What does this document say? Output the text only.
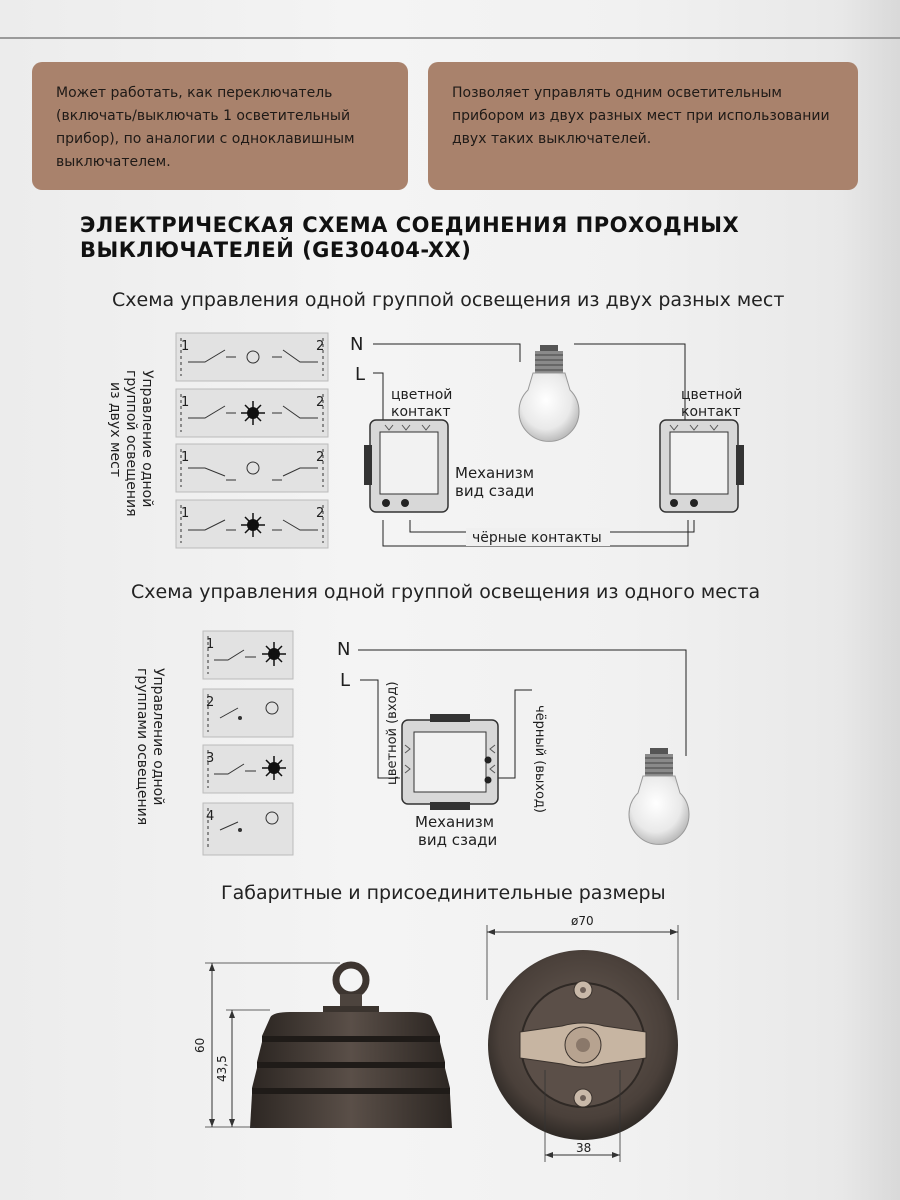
Может работать, как переключатель (включать/выключать 1 осветительный прибор), по аналогии с одноклавишным выключателем.
Позволяет управлять одним осветительным прибором из двух разных мест при использовании двух таких выключателей.
ЭЛЕКТРИЧЕСКАЯ СХЕМА СОЕДИНЕНИЯ ПРОХОДНЫХ ВЫКЛЮЧАТЕЛЕЙ (GE30404-XX)
Схема управления одной группой освещения из двух разных мест
Схема управления одной группой освещения из одного места
Габаритные и присоединительные размеры
Управление одной
группой освещения
из двух мест
1	2
1	2
1	2
1	2
N
L
цветной
контакт
цветной
контакт
Механизм
вид сзади
чёрные контакты
Управление одной
группами освещения
1
2
3
4
N
L
цветной (вход)	чёрный (выход)
Механизм
вид сзади
60
43,5
ø70
38
